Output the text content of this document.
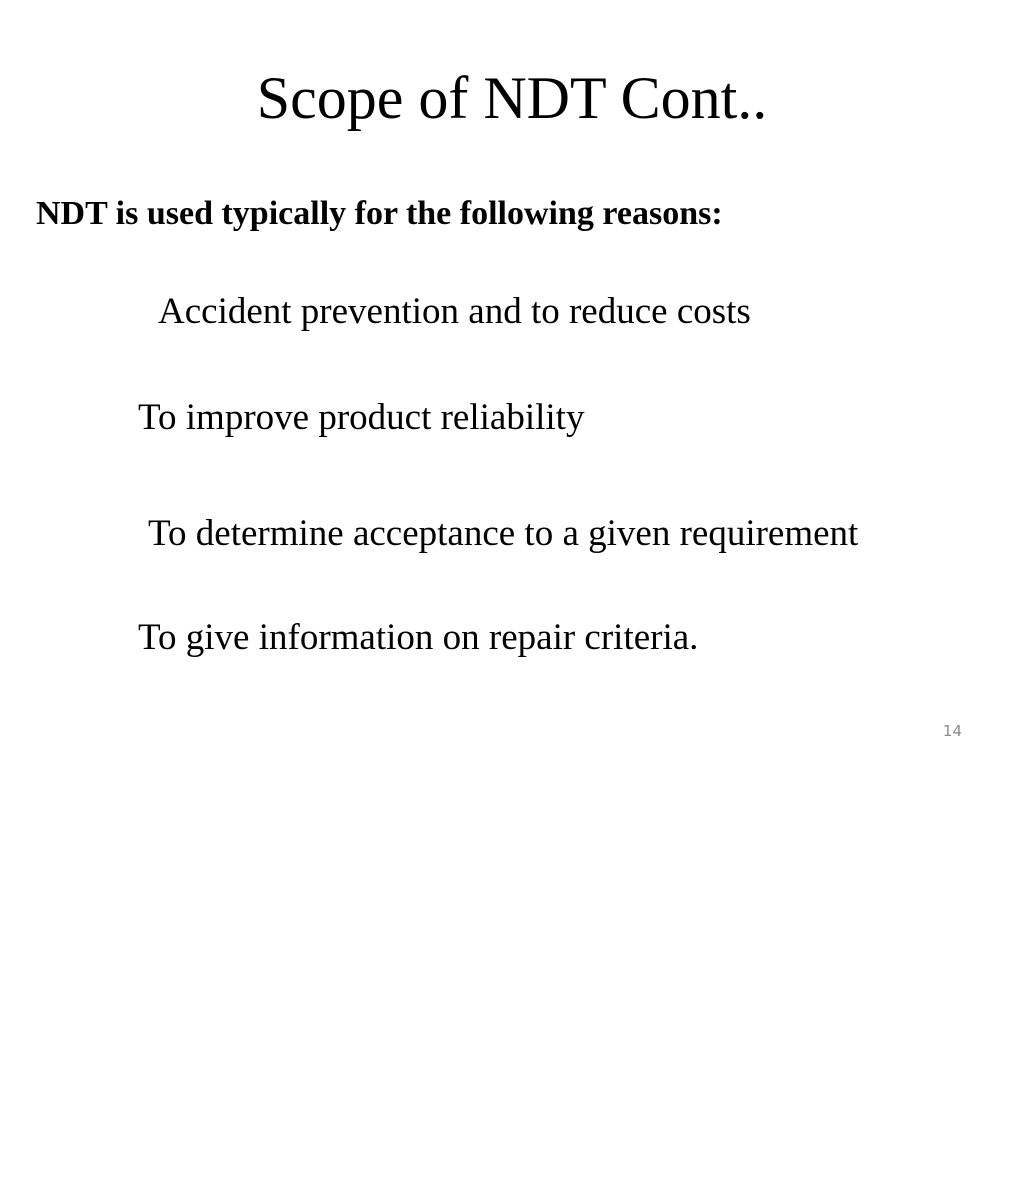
Scope of NDT Cont..

NDT is used typically for the following reasons:

Accident prevention and to reduce costs

To improve product reliability

To determine acceptance to a given requirement

To give information on repair criteria.

14
